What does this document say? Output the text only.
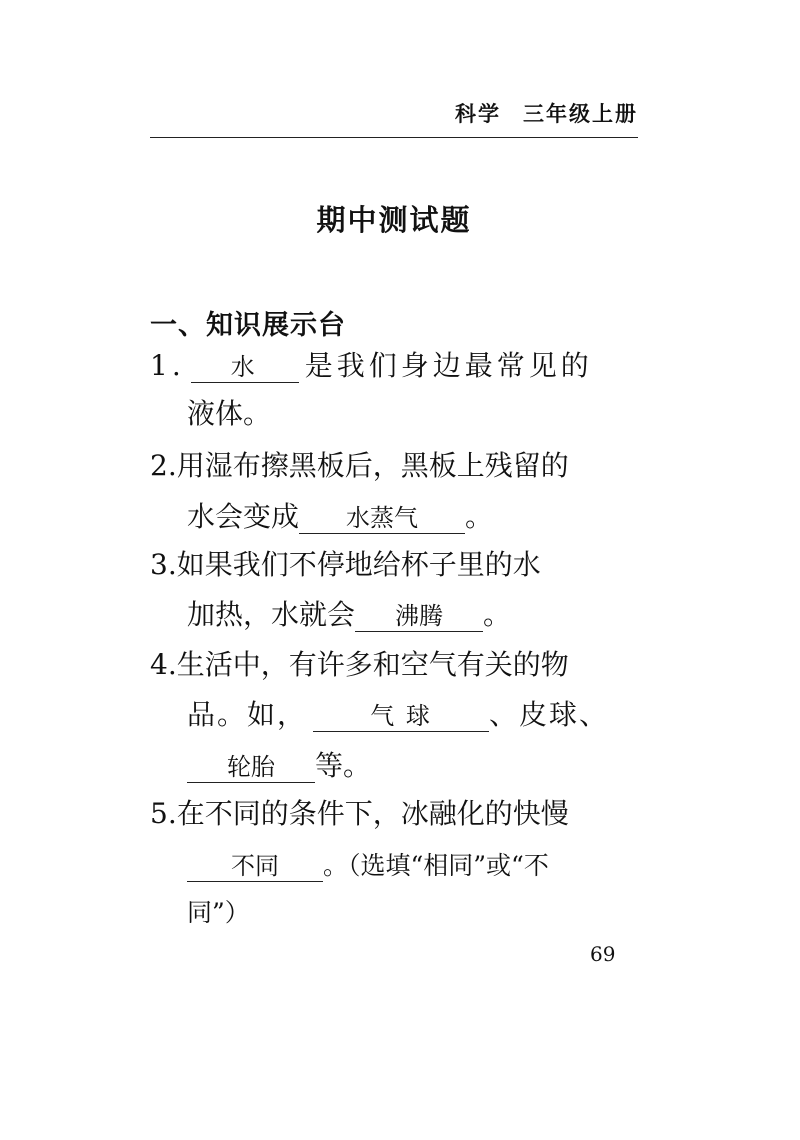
科学 三年级上册
期中测试题
一、知识展示台
1. 水 是我们身边最常见的
液体。
2.用湿布擦黑板后，黑板上残留的
水会变成 水蒸气 。
3.如果我们不停地给杯子里的水
加热，水就会 沸腾 。
4.生活中，有许多和空气有关的物
品。如，	气 球 、皮球、
轮胎 等。
5.在不同的条件下，冰融化的快慢
不同 。（选填“相同”或“不
同”）
69
